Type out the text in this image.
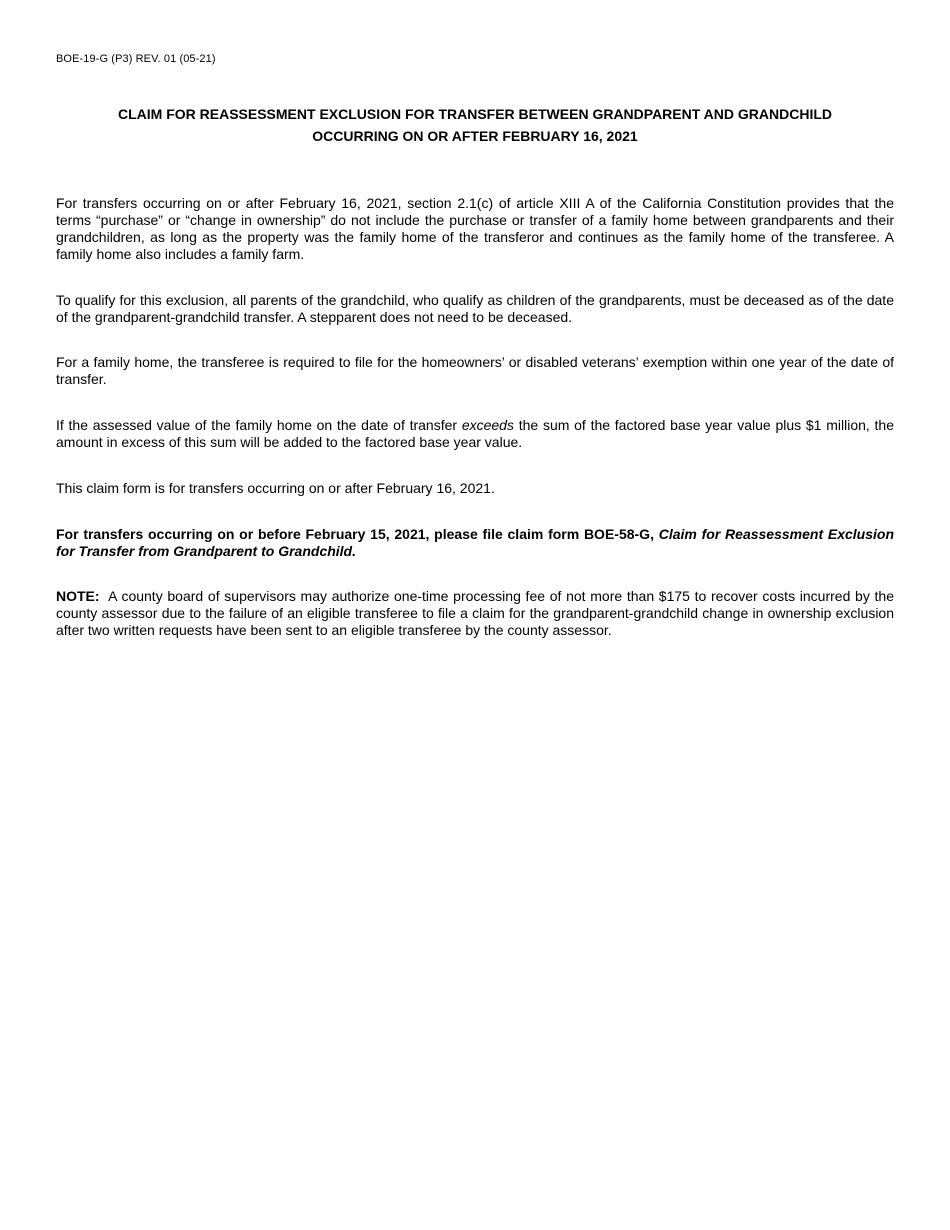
BOE-19-G (P3) REV. 01 (05-21)
CLAIM FOR REASSESSMENT EXCLUSION FOR TRANSFER BETWEEN GRANDPARENT AND GRANDCHILD
OCCURRING ON OR AFTER FEBRUARY 16, 2021

For transfers occurring on or after February 16, 2021, section 2.1(c) of article XIII A of the California Constitution provides that the terms “purchase” or “change in ownership” do not include the purchase or transfer of a family home between grandparents and their grandchildren, as long as the property was the family home of the transferor and continues as the family home of the transferee. A family home also includes a family farm.

To qualify for this exclusion, all parents of the grandchild, who qualify as children of the grandparents, must be deceased as of the date of the grandparent-grandchild transfer. A stepparent does not need to be deceased.

For a family home, the transferee is required to file for the homeowners’ or disabled veterans’ exemption within one year of the date of transfer.

If the assessed value of the family home on the date of transfer exceeds the sum of the factored base year value plus $1 million, the amount in excess of this sum will be added to the factored base year value.

This claim form is for transfers occurring on or after February 16, 2021.

For transfers occurring on or before February 15, 2021, please file claim form BOE-58-G, Claim for Reassessment Exclusion for Transfer from Grandparent to Grandchild.

NOTE:  A county board of supervisors may authorize one-time processing fee of not more than $175 to recover costs incurred by the county assessor due to the failure of an eligible transferee to file a claim for the grandparent-grandchild change in ownership exclusion after two written requests have been sent to an eligible transferee by the county assessor.
